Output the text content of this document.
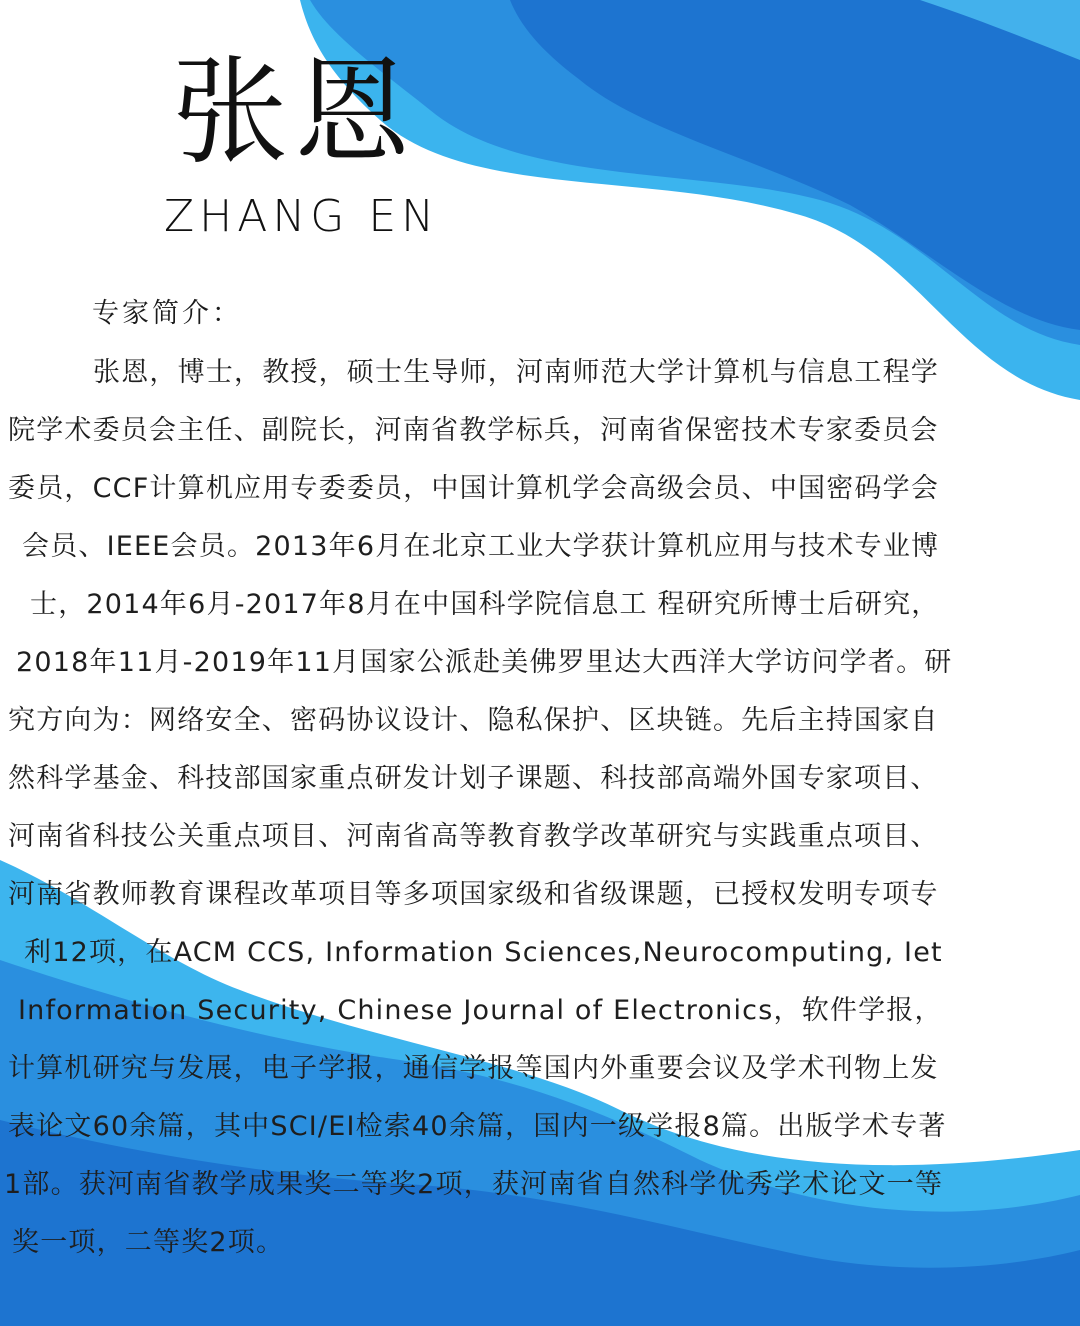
张恩
ZHANG EN
专家简介：
张恩，博士，教授，硕士生导师，河南师范大学计算机与信息工程学
院学术委员会主任、副院长，河南省教学标兵，河南省保密技术专家委员会
委员，CCF计算机应用专委委员，中国计算机学会高级会员、中国密码学会
会员、IEEE会员。2013年6月在北京工业大学获计算机应用与技术专业博
士，2014年6月-2017年8月在中国科学院信息工 程研究所博士后研究，
2018年11月-2019年11月国家公派赴美佛罗里达大西洋大学访问学者。研
究方向为：网络安全、密码协议设计、隐私保护、区块链。先后主持国家自
然科学基金、科技部国家重点研发计划子课题、科技部高端外国专家项目、
河南省科技公关重点项目、河南省高等教育教学改革研究与实践重点项目、
河南省教师教育课程改革项目等多项国家级和省级课题，已授权发明专项专
利12项，在ACM CCS, Information Sciences,Neurocomputing, Iet
Information Security, Chinese Journal of Electronics，软件学报，
计算机研究与发展，电子学报，通信学报等国内外重要会议及学术刊物上发
表论文60余篇，其中SCI/EI检索40余篇，国内一级学报8篇。出版学术专著
1部。获河南省教学成果奖二等奖2项，获河南省自然科学优秀学术论文一等
奖一项，二等奖2项。
